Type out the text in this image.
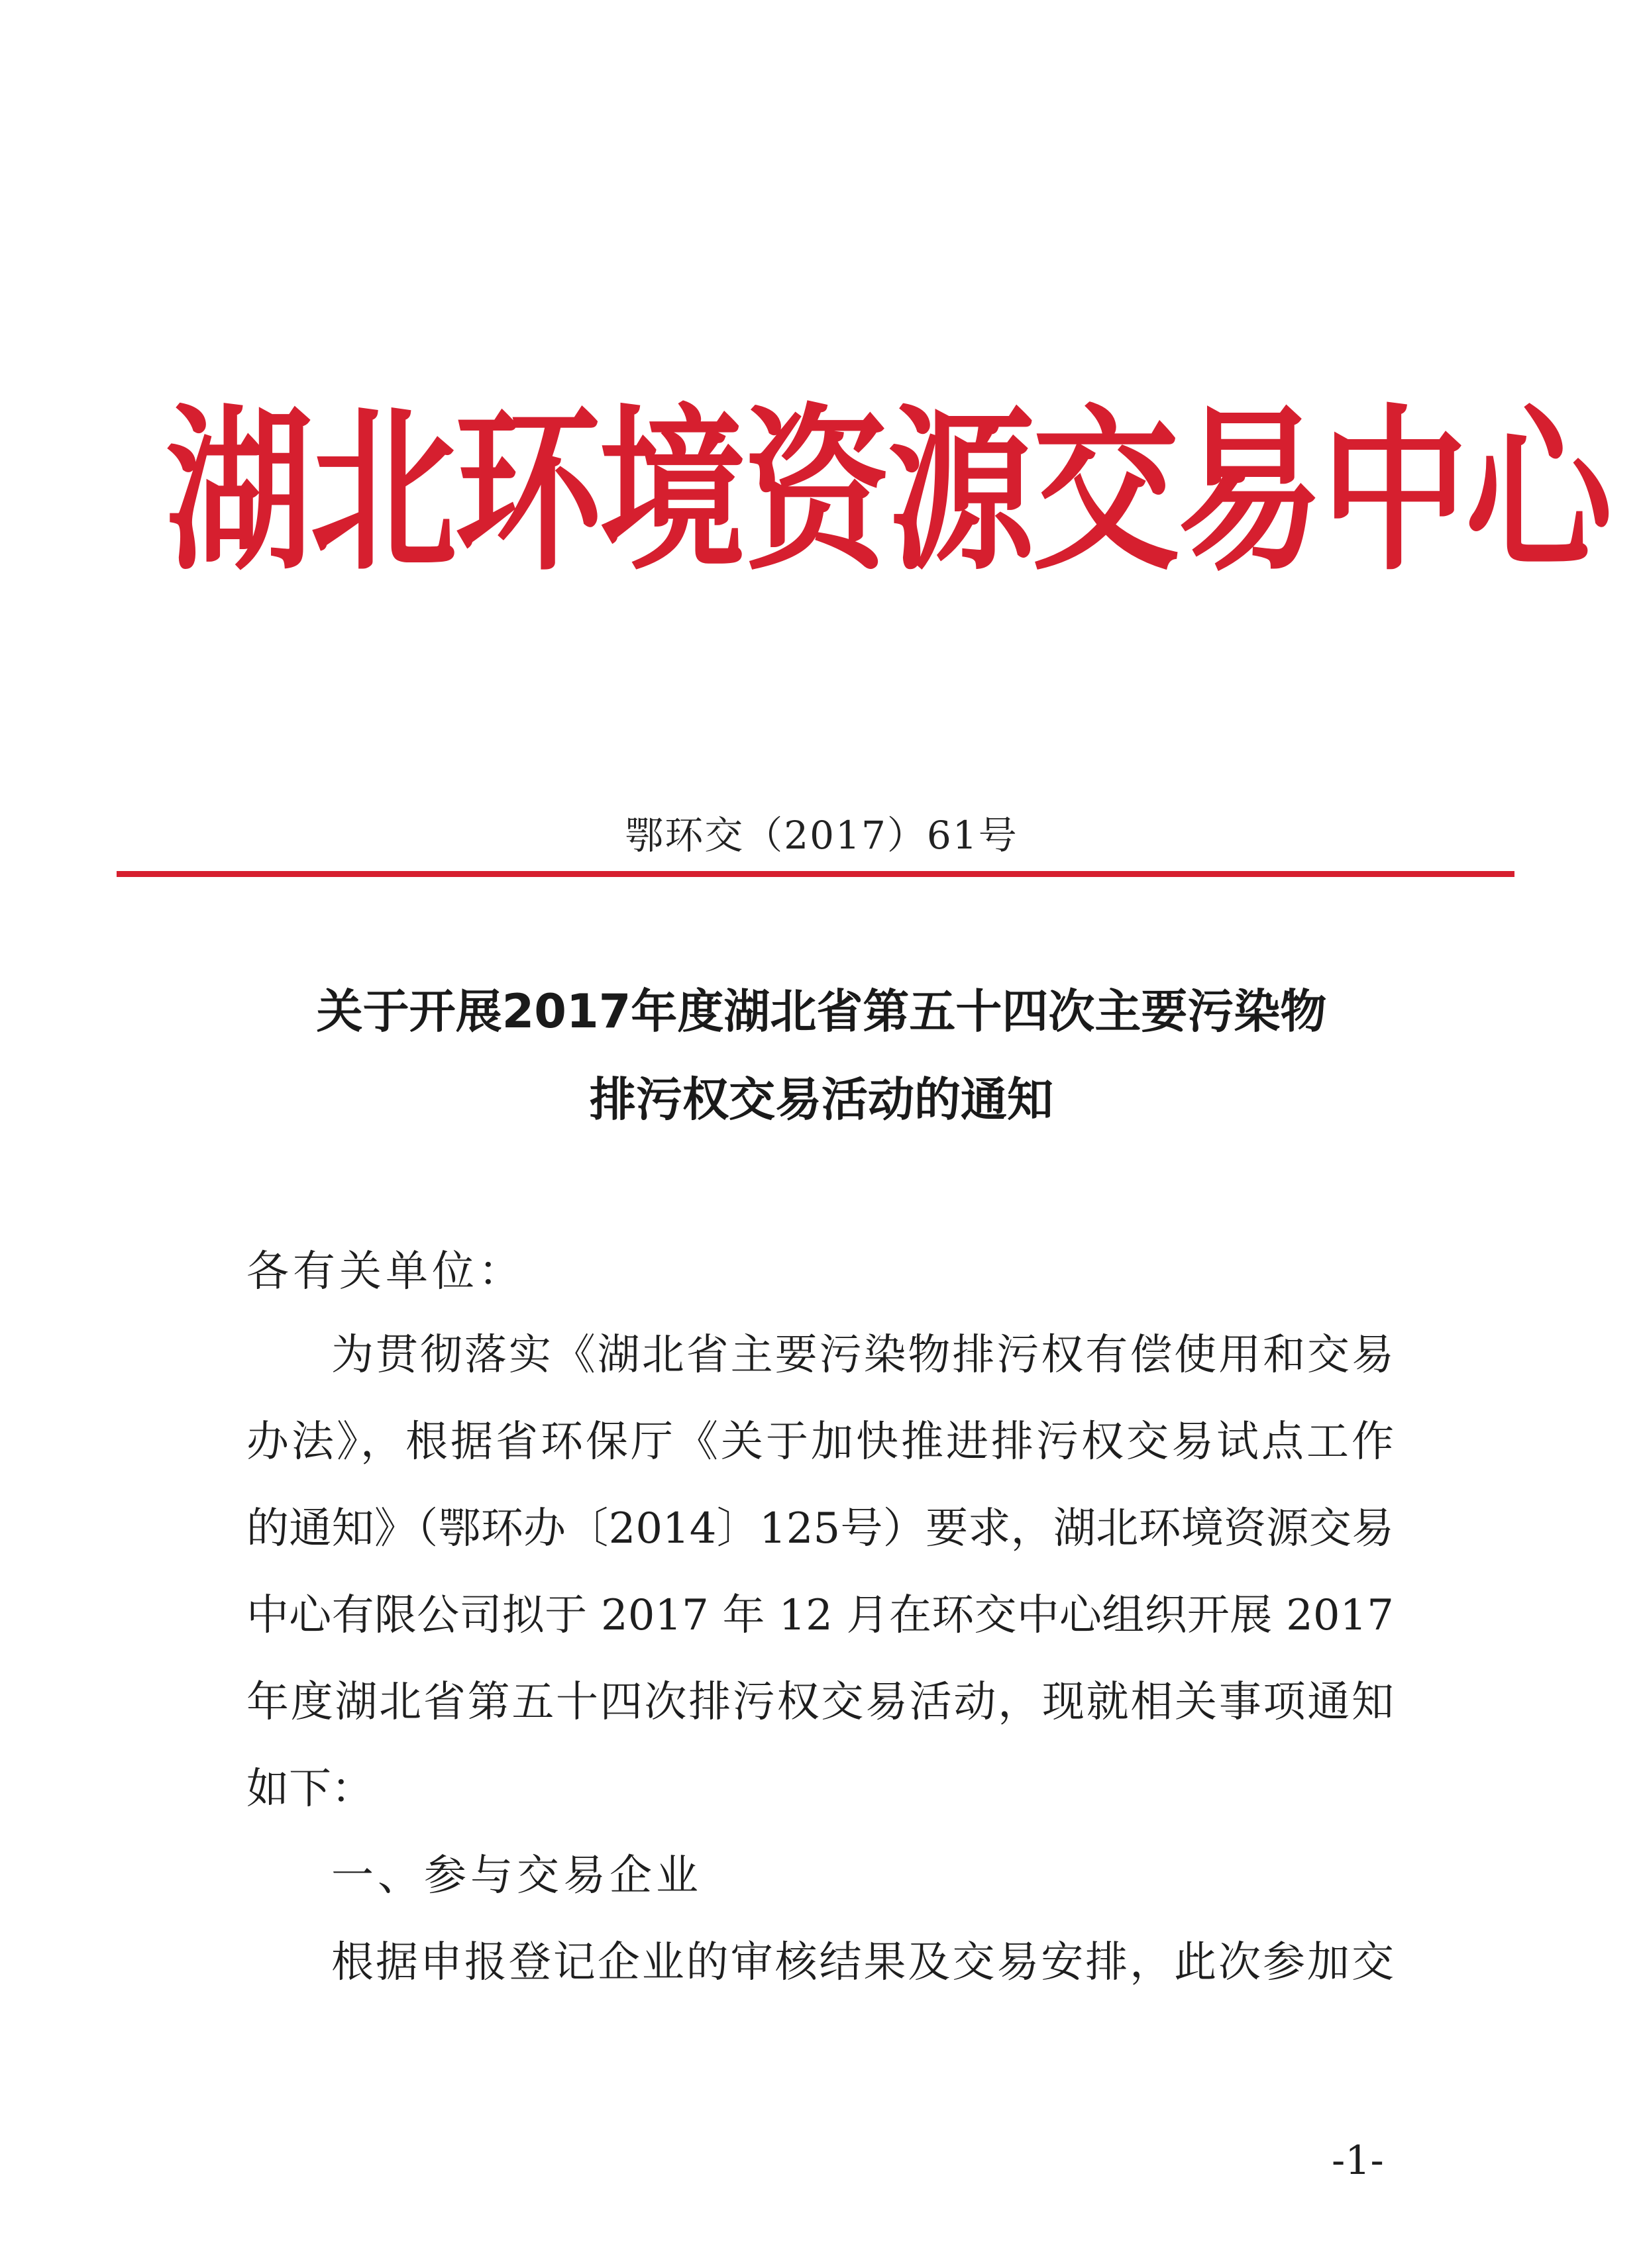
湖北环境资源交易中心
鄂环交（2017）61号
关于开展2017年度湖北省第五十四次主要污染物
排污权交易活动的通知
各有关单位：
为贯彻落实《湖北省主要污染物排污权有偿使用和交易
办法》，根据省环保厅《关于加快推进排污权交易试点工作
的通知》（鄂环办〔2014〕125号）要求，湖北环境资源交易
中心有限公司拟于 2017 年 12 月在环交中心组织开展 2017
年度湖北省第五十四次排污权交易活动，现就相关事项通知
如下：
一、参与交易企业
根据申报登记企业的审核结果及交易安排，此次参加交
-1-
